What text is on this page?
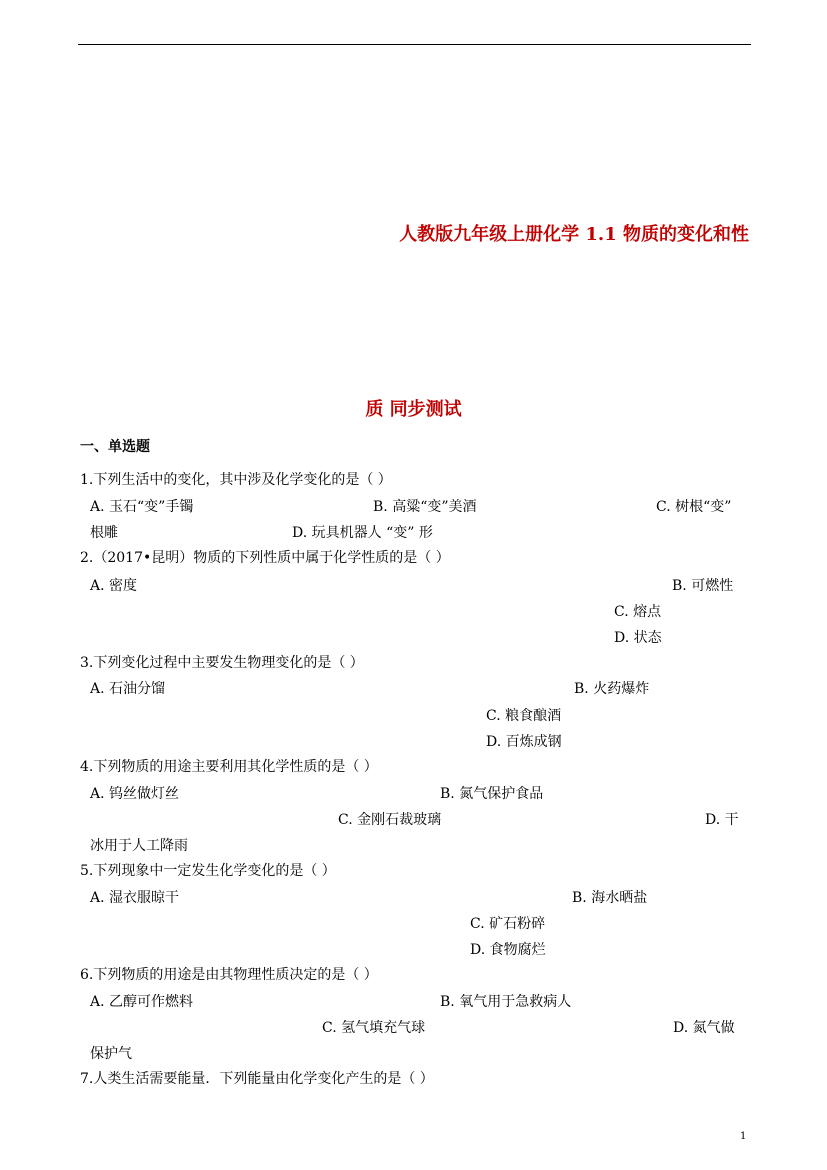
人教版九年级上册化学 1.1 物质的变化和性
质 同步测试
一、单选题
1.下列生活中的变化，其中涉及化学变化的是（ ）
A. 玉石“变”手镯	B. 高粱“变”美酒	C. 树根“变”
根雕	D. 玩具机器人 “变” 形
2.（2017•昆明）物质的下列性质中属于化学性质的是（ ）
A. 密度	B. 可燃性
C. 熔点
D. 状态
3.下列变化过程中主要发生物理变化的是（ ）
A. 石油分馏	B. 火药爆炸
C. 粮食酿酒
D. 百炼成钢
4.下列物质的用途主要利用其化学性质的是（ ）
A. 钨丝做灯丝	B. 氮气保护食品
C. 金刚石裁玻璃	D. 干
冰用于人工降雨
5.下列现象中一定发生化学变化的是（ ）
A. 湿衣服晾干	B. 海水晒盐
C. 矿石粉碎
D. 食物腐烂
6.下列物质的用途是由其物理性质决定的是（ ）
A. 乙醇可作燃料	B. 氧气用于急救病人
C. 氢气填充气球	D. 氮气做
保护气
7.人类生活需要能量．下列能量由化学变化产生的是（ ）
1
